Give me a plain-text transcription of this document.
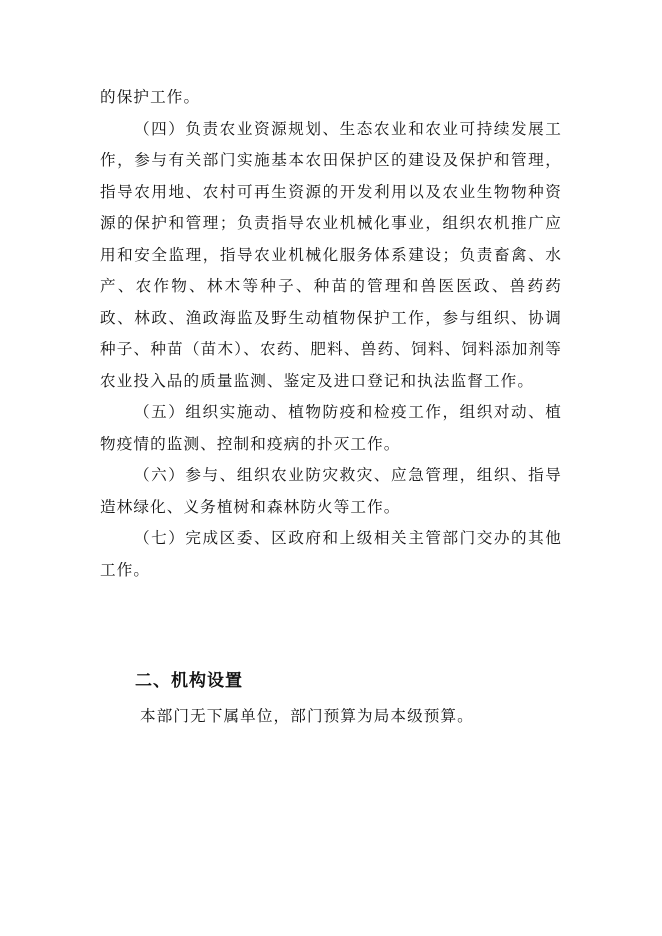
的保护工作。

（四）负责农业资源规划、生态农业和农业可持续发展工作，参与有关部门实施基本农田保护区的建设及保护和管理，指导农用地、农村可再生资源的开发利用以及农业生物物种资源的保护和管理；负责指导农业机械化事业，组织农机推广应用和安全监理，指导农业机械化服务体系建设；负责畜禽、水产、农作物、林木等种子、种苗的管理和兽医医政、兽药药政、林政、渔政海监及野生动植物保护工作，参与组织、协调种子、种苗（苗木）、农药、肥料、兽药、饲料、饲料添加剂等农业投入品的质量监测、鉴定及进口登记和执法监督工作。

（五）组织实施动、植物防疫和检疫工作，组织对动、植物疫情的监测、控制和疫病的扑灭工作。

（六）参与、组织农业防灾救灾、应急管理，组织、指导造林绿化、义务植树和森林防火等工作。

（七）完成区委、区政府和上级相关主管部门交办的其他工作。

二、机构设置

本部门无下属单位，部门预算为局本级预算。
